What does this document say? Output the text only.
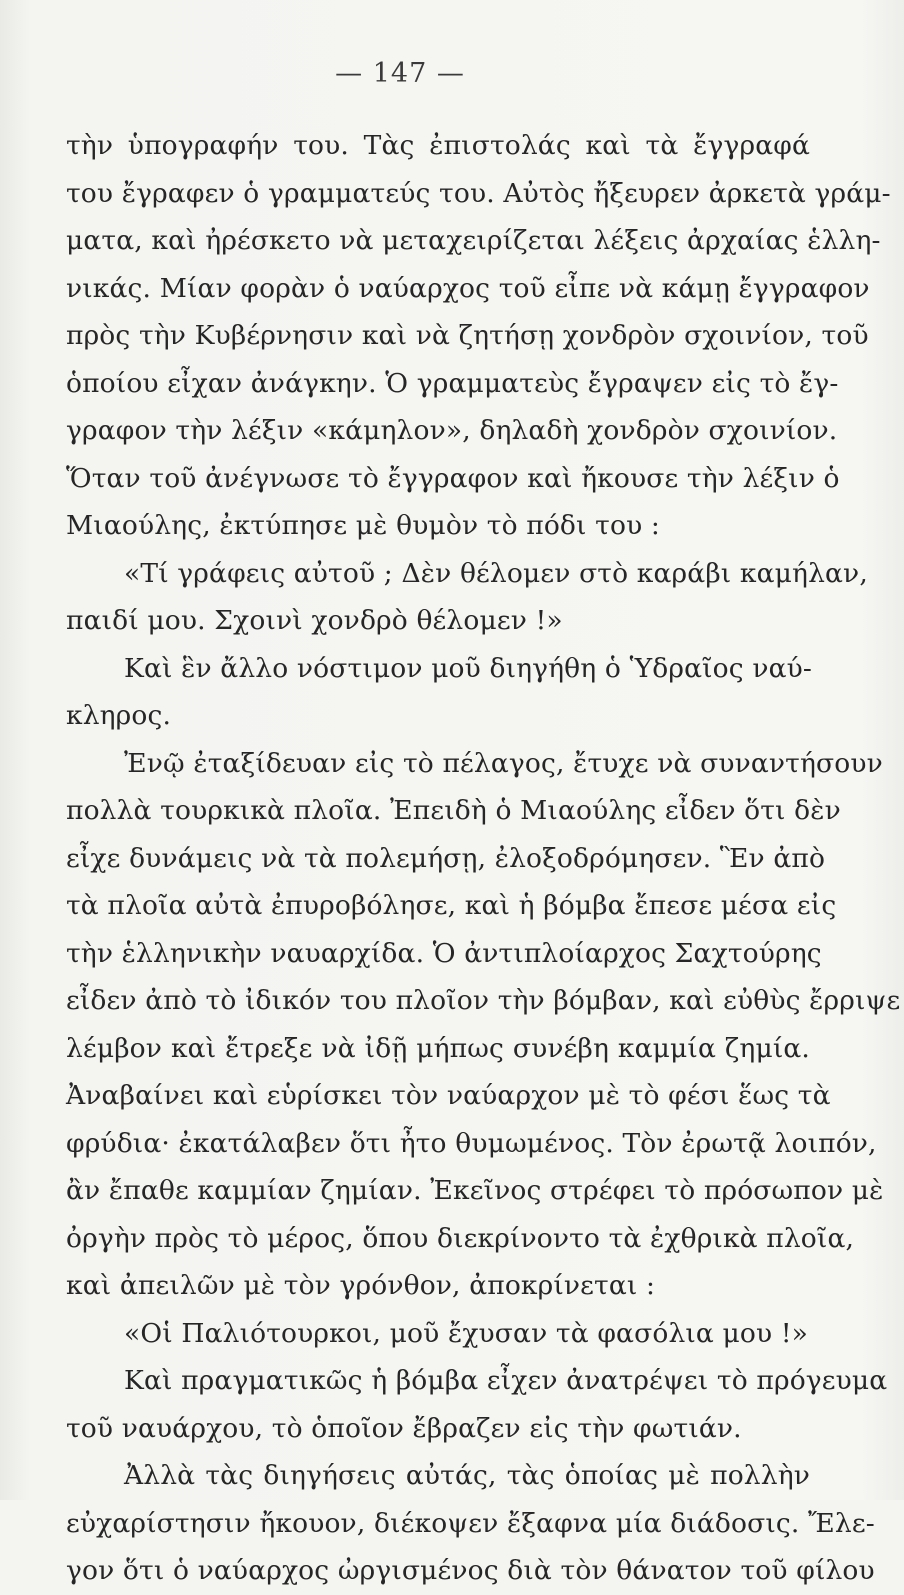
— 147 —
τὴν ὑπογραφήν του. Τὰς ἐπιστολάς καὶ τὰ ἔγγραφά
του ἔγραφεν ὁ γραμματεύς του. Αὐτὸς ἤξευρεν ἀρκετὰ γράμ-
ματα, καὶ ἠρέσκετο νὰ μεταχειρίζεται λέξεις ἀρχαίας ἑλλη-
νικάς. Μίαν φορὰν ὁ ναύαρχος τοῦ εἶπε νὰ κάμῃ ἔγγραφον
πρὸς τὴν Κυβέρνησιν καὶ νὰ ζητήσῃ χονδρὸν σχοινίον, τοῦ
ὁποίου εἶχαν ἀνάγκην. Ὁ γραμματεὺς ἔγραψεν εἰς τὸ ἔγ-
γραφον τὴν λέξιν «κάμηλον», δηλαδὴ χονδρὸν σχοινίον.
Ὅταν τοῦ ἀνέγνωσε τὸ ἔγγραφον καὶ ἤκουσε τὴν λέξιν ὁ
Μιαούλης, ἐκτύπησε μὲ θυμὸν τὸ πόδι του :
«Τί γράφεις αὐτοῦ ; Δὲν θέλομεν στὸ καράβι καμήλαν,
παιδί μου. Σχοινὶ χονδρὸ θέλομεν !»
Καὶ ἓν ἄλλο νόστιμον μοῦ διηγήθη ὁ Ὑδραῖος ναύ-
κληρος.
Ἐνῷ ἐταξίδευαν εἰς τὸ πέλαγος, ἔτυχε νὰ συναντήσουν
πολλὰ τουρκικὰ πλοῖα. Ἐπειδὴ ὁ Μιαούλης εἶδεν ὅτι δὲν
εἶχε δυνάμεις νὰ τὰ πολεμήσῃ, ἐλοξοδρόμησεν. Ἓν ἀπὸ
τὰ πλοῖα αὐτὰ ἐπυροβόλησε, καὶ ἡ βόμβα ἔπεσε μέσα εἰς
τὴν ἑλληνικὴν ναυαρχίδα. Ὁ ἀντιπλοίαρχος Σαχτούρης
εἶδεν ἀπὸ τὸ ἰδικόν του πλοῖον τὴν βόμβαν, καὶ εὐθὺς ἔρριψε
λέμβον καὶ ἔτρεξε νὰ ἰδῇ μήπως συνέβη καμμία ζημία.
Ἀναβαίνει καὶ εὑρίσκει τὸν ναύαρχον μὲ τὸ φέσι ἕως τὰ
φρύδια· ἐκατάλαβεν ὅτι ἦτο θυμωμένος. Τὸν ἐρωτᾷ λοιπόν,
ἂν ἔπαθε καμμίαν ζημίαν. Ἐκεῖνος στρέφει τὸ πρόσωπον μὲ
ὀργὴν πρὸς τὸ μέρος, ὅπου διεκρίνοντο τὰ ἐχθρικὰ πλοῖα,
καὶ ἀπειλῶν μὲ τὸν γρόνθον, ἀποκρίνεται :
«Οἱ Παλιότουρκοι, μοῦ ἔχυσαν τὰ φασόλια μου !»
Καὶ πραγματικῶς ἡ βόμβα εἶχεν ἀνατρέψει τὸ πρόγευμα
τοῦ ναυάρχου, τὸ ὁποῖον ἔβραζεν εἰς τὴν φωτιάν.
Ἀλλὰ τὰς διηγήσεις αὐτάς, τὰς ὁποίας μὲ πολλὴν
εὐχαρίστησιν ἤκουον, διέκοψεν ἔξαφνα μία διάδοσις. Ἔλε-
γον ὅτι ὁ ναύαρχος ὠργισμένος διὰ τὸν θάνατον τοῦ φίλου
